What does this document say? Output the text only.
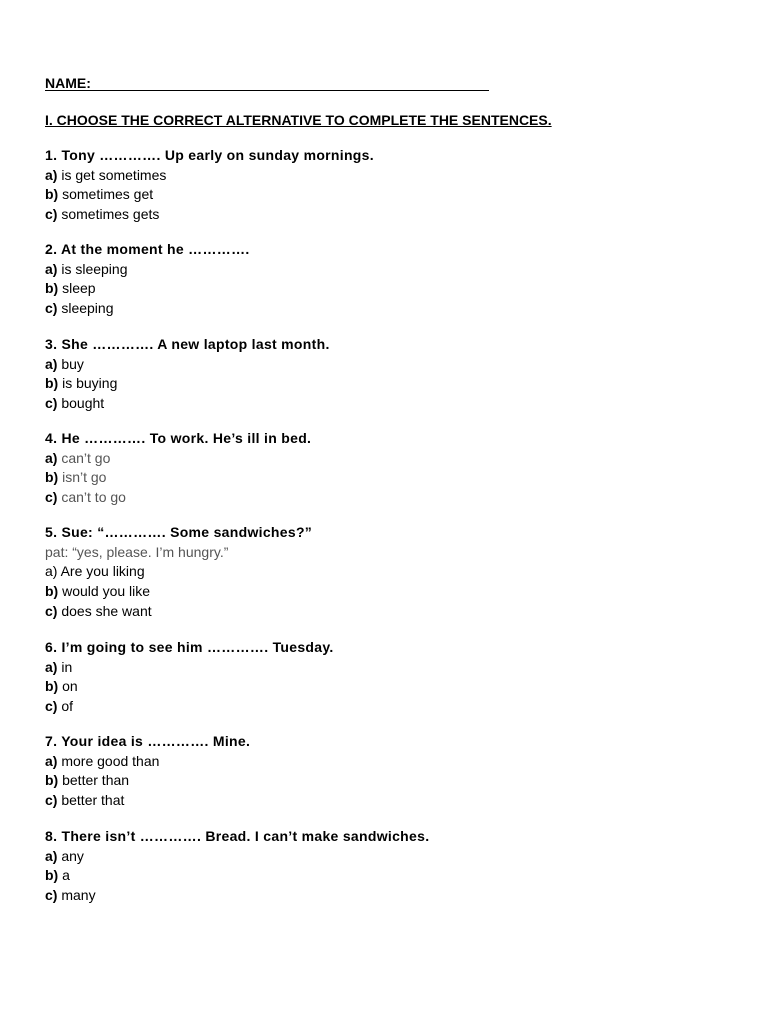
NAME:
I. CHOOSE THE CORRECT ALTERNATIVE TO COMPLETE THE SENTENCES.
1. Tony …………. Up early on sunday mornings.
a) is get sometimes
b) sometimes get
c) sometimes gets
2. At the moment he ………….
a) is sleeping
b) sleep
c) sleeping
3. She …………. A new laptop last month.
a) buy
b) is buying
c) bought
4. He …………. To work. He’s ill in bed.
a) can’t go
b) isn’t go
c) can’t to go
5. Sue: “…………. Some sandwiches?”
pat: “yes, please. I’m hungry.”
a) Are you liking
b) would you like
c) does she want
6. I’m going to see him …………. Tuesday.
a) in
b) on
c) of
7. Your idea is …………. Mine.
a) more good than
b) better than
c) better that
8. There isn’t …………. Bread. I can’t make sandwiches.
a) any
b) a
c) many
